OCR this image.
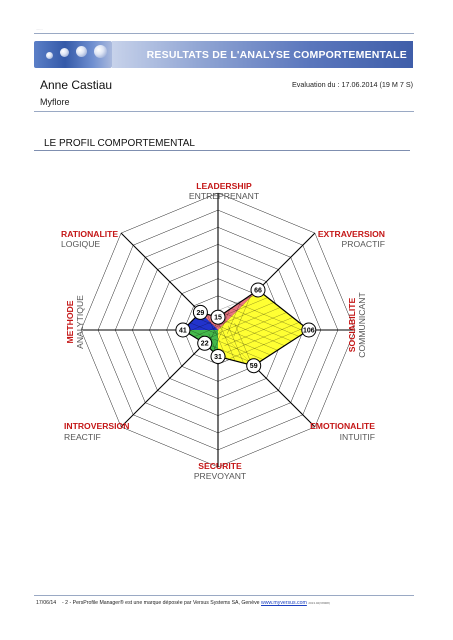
........
RESULTATS DE L'ANALYSE COMPORTEMENTALE
Anne Castiau
Myflore
Evaluation du : 17.06.2014 (19 M 7 S)
LE PROFIL COMPORTEMENTAL
15
66
106
59
31
22
41
29
LEADERSHIP
ENTREPRENANT
EXTRAVERSION
PROACTIF
SOCIABILITE COMMUNICANT
EMOTIONALITE
INTUITIF
SECURITE
PREVOYANT
INTROVERSION
REACTIF
METHODE ANALYTIQUE
RATIONALITE
LOGIQUE
17/06/14 - 2 - PersProfile Manager® est une marque déposée par Versus Systems SA, Genève www.myversus.com 2013.02(V8008)
